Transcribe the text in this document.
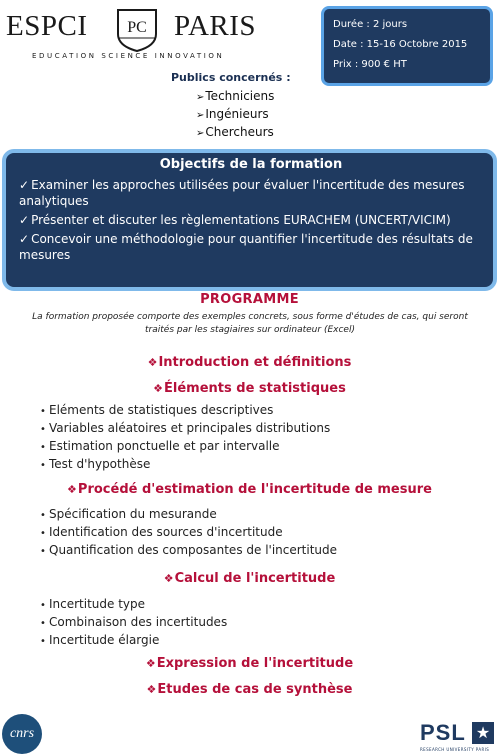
ESPCI PC PARIS
EDUCATION SCIENCE INNOVATION
Durée : 2 jours
Date : 15-16 Octobre 2015
Prix : 900 € HT
Publics concernés :
➢Techniciens
➢Ingénieurs
➢Chercheurs
Objectifs de la formation
✓ Examiner les approches utilisées pour évaluer l'incertitude des mesures analytiques
✓ Présenter et discuter les règlementations EURACHEM (UNCERT/VICIM)
✓ Concevoir une méthodologie pour quantifier l'incertitude des résultats de mesures
PROGRAMME
La formation proposée comporte des exemples concrets, sous forme d'études de cas, qui seront traités par les stagiaires sur ordinateur (Excel)
❖Introduction et définitions
❖Éléments de statistiques
• Eléments de statistiques descriptives
• Variables aléatoires et principales distributions
• Estimation ponctuelle et par intervalle
• Test d'hypothèse
❖Procédé d'estimation de l'incertitude de mesure
• Spécification du mesurande
• Identification des sources d'incertitude
• Quantification des composantes de l'incertitude
❖Calcul de l'incertitude
• Incertitude type
• Combinaison des incertitudes
• Incertitude élargie
❖Expression de l'incertitude
❖Etudes de cas de synthèse
cnrs	PSL ★
RESEARCH UNIVERSITY PARIS
